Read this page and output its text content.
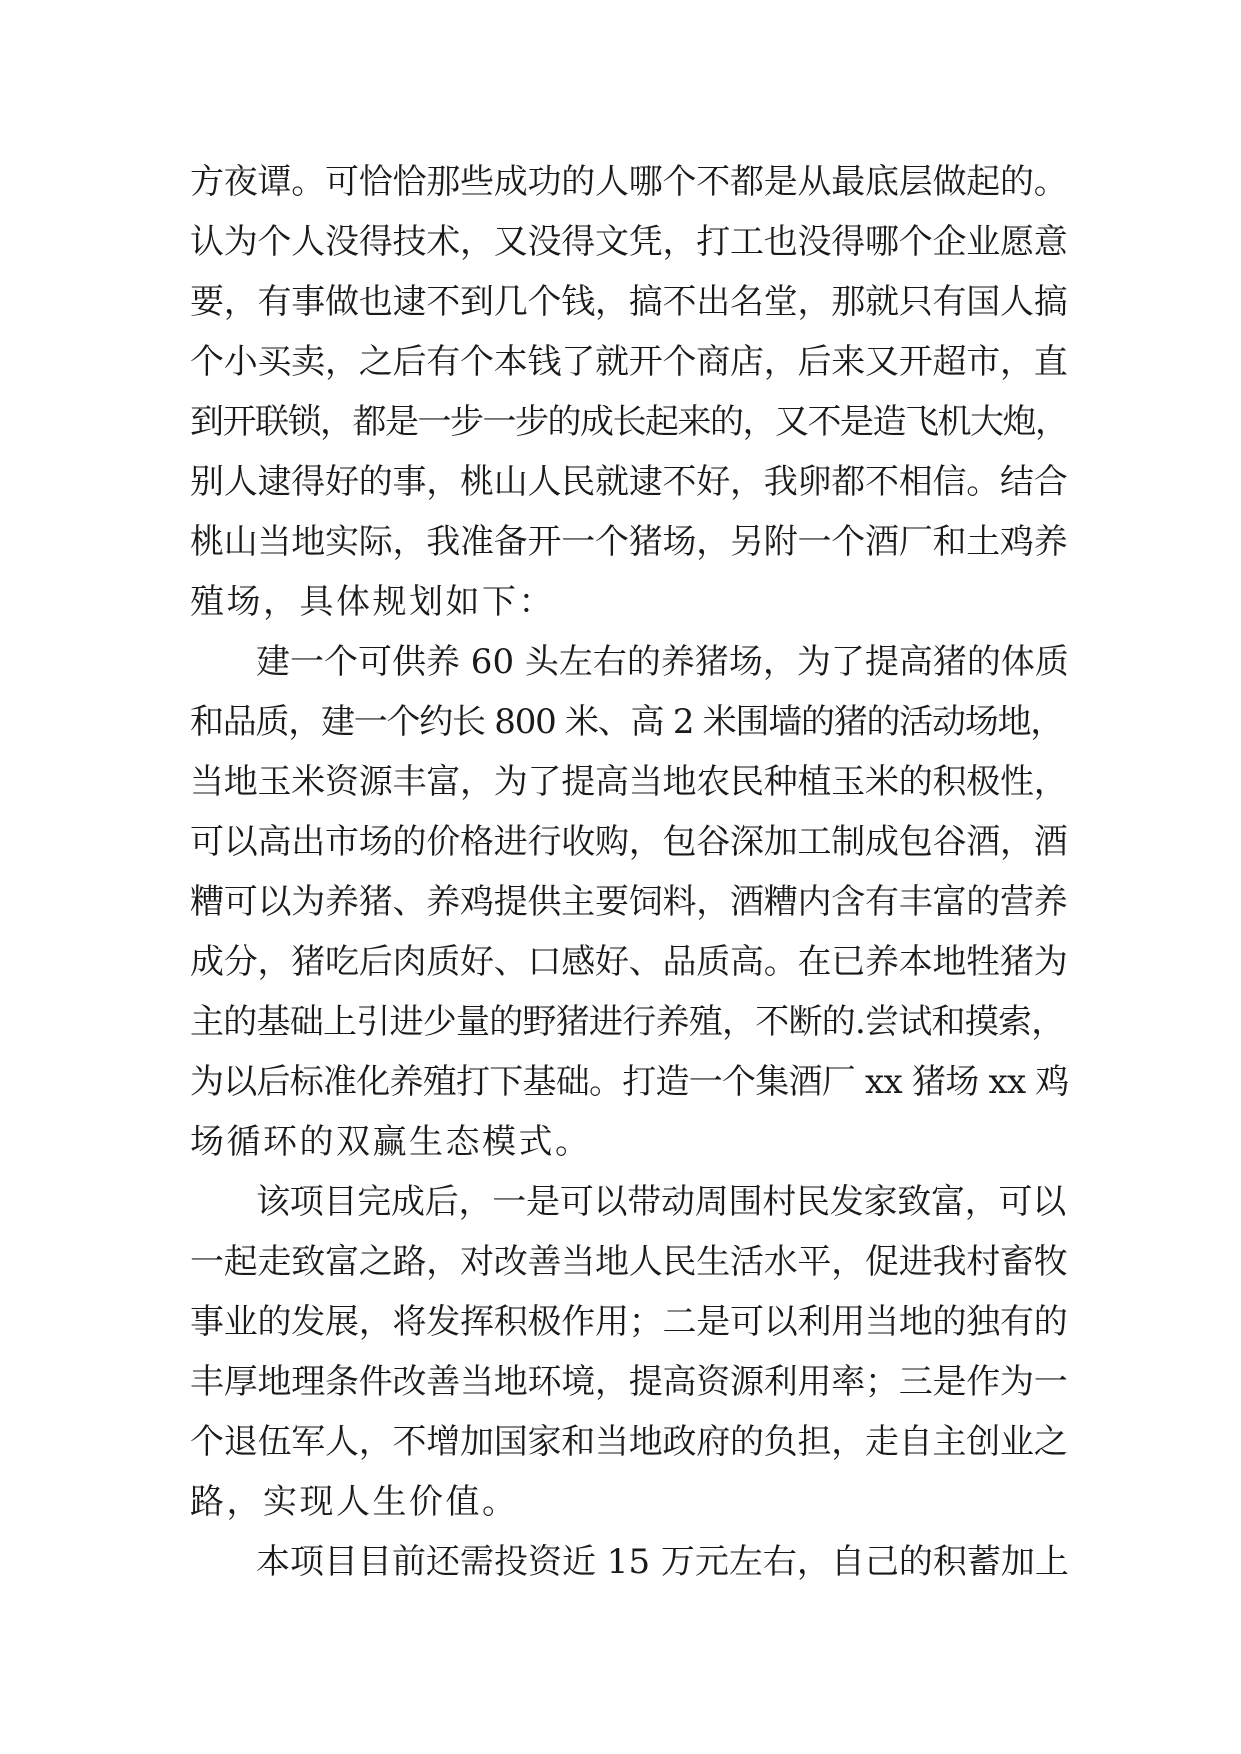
方夜谭。可恰恰那些成功的人哪个不都是从最底层做起的。
认为个人没得技术，又没得文凭，打工也没得哪个企业愿意
要，有事做也逮不到几个钱，搞不出名堂，那就只有国人搞
个小买卖，之后有个本钱了就开个商店，后来又开超市，直
到开联锁，都是一步一步的成长起来的，又不是造飞机大炮，
别人逮得好的事，桃山人民就逮不好，我卵都不相信。结合
桃山当地实际，我准备开一个猪场，另附一个酒厂和土鸡养
殖场，具体规划如下：
建一个可供养 60 头左右的养猪场，为了提高猪的体质
和品质，建一个约长 800 米、高 2 米围墙的猪的活动场地，
当地玉米资源丰富，为了提高当地农民种植玉米的积极性，
可以高出市场的价格进行收购，包谷深加工制成包谷酒，酒
糟可以为养猪、养鸡提供主要饲料，酒糟内含有丰富的营养
成分，猪吃后肉质好、口感好、品质高。在已养本地牲猪为
主的基础上引进少量的野猪进行养殖，不断的.尝试和摸索，
为以后标准化养殖打下基础。打造一个集酒厂 xx 猪场 xx 鸡
场循环的双赢生态模式。
该项目完成后，一是可以带动周围村民发家致富，可以
一起走致富之路，对改善当地人民生活水平，促进我村畜牧
事业的发展，将发挥积极作用；二是可以利用当地的独有的
丰厚地理条件改善当地环境，提高资源利用率；三是作为一
个退伍军人，不增加国家和当地政府的负担，走自主创业之
路，实现人生价值。
本项目目前还需投资近 15 万元左右，自己的积蓄加上
